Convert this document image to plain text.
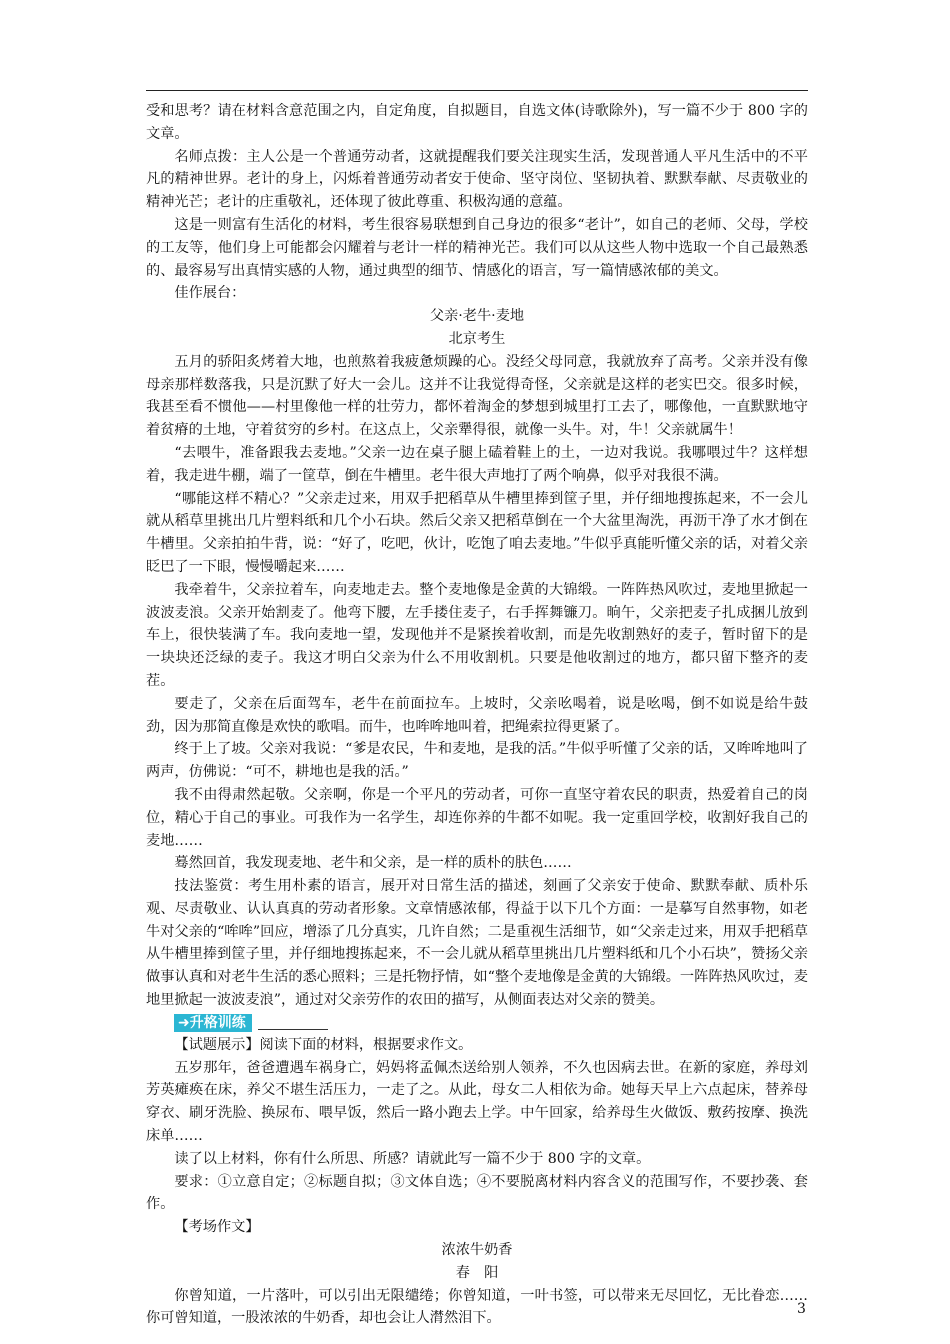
受和思考？请在材料含意范围之内，自定角度，自拟题目，自选文体(诗歌除外)，写一篇不少于 800 字的文章。

名师点拨：主人公是一个普通劳动者，这就提醒我们要关注现实生活，发现普通人平凡生活中的不平凡的精神世界。老计的身上，闪烁着普通劳动者安于使命、坚守岗位、坚韧执着、默默奉献、尽责敬业的精神光芒；老计的庄重敬礼，还体现了彼此尊重、积极沟通的意蕴。

这是一则富有生活化的材料，考生很容易联想到自己身边的很多“老计”，如自己的老师、父母，学校的工友等，他们身上可能都会闪耀着与老计一样的精神光芒。我们可以从这些人物中选取一个自己最熟悉的、最容易写出真情实感的人物，通过典型的细节、情感化的语言，写一篇情感浓郁的美文。

佳作展台：

父亲·老牛·麦地

北京考生

五月的骄阳炙烤着大地，也煎熬着我疲惫烦躁的心。没经父母同意，我就放弃了高考。父亲并没有像母亲那样数落我，只是沉默了好大一会儿。这并不让我觉得奇怪，父亲就是这样的老实巴交。很多时候，我甚至看不惯他——村里像他一样的壮劳力，都怀着淘金的梦想到城里打工去了，哪像他，一直默默地守着贫瘠的土地，守着贫穷的乡村。在这点上，父亲犟得很，就像一头牛。对，牛！父亲就属牛！

“去喂牛，准备跟我去麦地。”父亲一边在桌子腿上磕着鞋上的土，一边对我说。我哪喂过牛？这样想着，我走进牛棚，端了一筐草，倒在牛槽里。老牛很大声地打了两个响鼻，似乎对我很不满。

“哪能这样不精心？”父亲走过来，用双手把稻草从牛槽里捧到筐子里，并仔细地搜拣起来，不一会儿就从稻草里挑出几片塑料纸和几个小石块。然后父亲又把稻草倒在一个大盆里淘洗，再沥干净了水才倒在牛槽里。父亲拍拍牛背，说：“好了，吃吧，伙计，吃饱了咱去麦地。”牛似乎真能听懂父亲的话，对着父亲眨巴了一下眼，慢慢嚼起来……

我牵着牛，父亲拉着车，向麦地走去。整个麦地像是金黄的大锦缎。一阵阵热风吹过，麦地里掀起一波波麦浪。父亲开始割麦了。他弯下腰，左手搂住麦子，右手挥舞镰刀。晌午，父亲把麦子扎成捆儿放到车上，很快装满了车。我向麦地一望，发现他并不是紧挨着收割，而是先收割熟好的麦子，暂时留下的是一块块还泛绿的麦子。我这才明白父亲为什么不用收割机。只要是他收割过的地方，都只留下整齐的麦茬。

要走了，父亲在后面驾车，老牛在前面拉车。上坡时，父亲吆喝着，说是吆喝，倒不如说是给牛鼓劲，因为那简直像是欢快的歌唱。而牛，也哞哞地叫着，把绳索拉得更紧了。

终于上了坡。父亲对我说：“爹是农民，牛和麦地，是我的活。”牛似乎听懂了父亲的话，又哞哞地叫了两声，仿佛说：“可不，耕地也是我的活。”

我不由得肃然起敬。父亲啊，你是一个平凡的劳动者，可你一直坚守着农民的职责，热爱着自己的岗位，精心于自己的事业。可我作为一名学生，却连你养的牛都不如呢。我一定重回学校，收割好我自己的麦地……

蓦然回首，我发现麦地、老牛和父亲，是一样的质朴的肤色……

技法鉴赏：考生用朴素的语言，展开对日常生活的描述，刻画了父亲安于使命、默默奉献、质朴乐观、尽责敬业、认认真真的劳动者形象。文章情感浓郁，得益于以下几个方面：一是摹写自然事物，如老牛对父亲的“哞哞”回应，增添了几分真实，几许自然；二是重视生活细节，如“父亲走过来，用双手把稻草从牛槽里捧到筐子里，并仔细地搜拣起来，不一会儿就从稻草里挑出几片塑料纸和几个小石块”，赞扬父亲做事认真和对老牛生活的悉心照料；三是托物抒情，如“整个麦地像是金黄的大锦缎。一阵阵热风吹过，麦地里掀起一波波麦浪”，通过对父亲劳作的农田的描写，从侧面表达对父亲的赞美。

➜升格训练

【试题展示】阅读下面的材料，根据要求作文。

五岁那年，爸爸遭遇车祸身亡，妈妈将孟佩杰送给别人领养，不久也因病去世。在新的家庭，养母刘芳英瘫痪在床，养父不堪生活压力，一走了之。从此，母女二人相依为命。她每天早上六点起床，替养母穿衣、刷牙洗脸、换尿布、喂早饭，然后一路小跑去上学。中午回家，给养母生火做饭、敷药按摩、换洗床单……

读了以上材料，你有什么所思、所感？请就此写一篇不少于 800 字的文章。

要求：①立意自定；②标题自拟；③文体自选；④不要脱离材料内容含义的范围写作，不要抄袭、套作。

【考场作文】

浓浓牛奶香

春　阳

你曾知道，一片落叶，可以引出无限缱绻；你曾知道，一叶书签，可以带来无尽回忆，无比眷恋……你可曾知道，一股浓浓的牛奶香，却也会让人潸然泪下。

3
